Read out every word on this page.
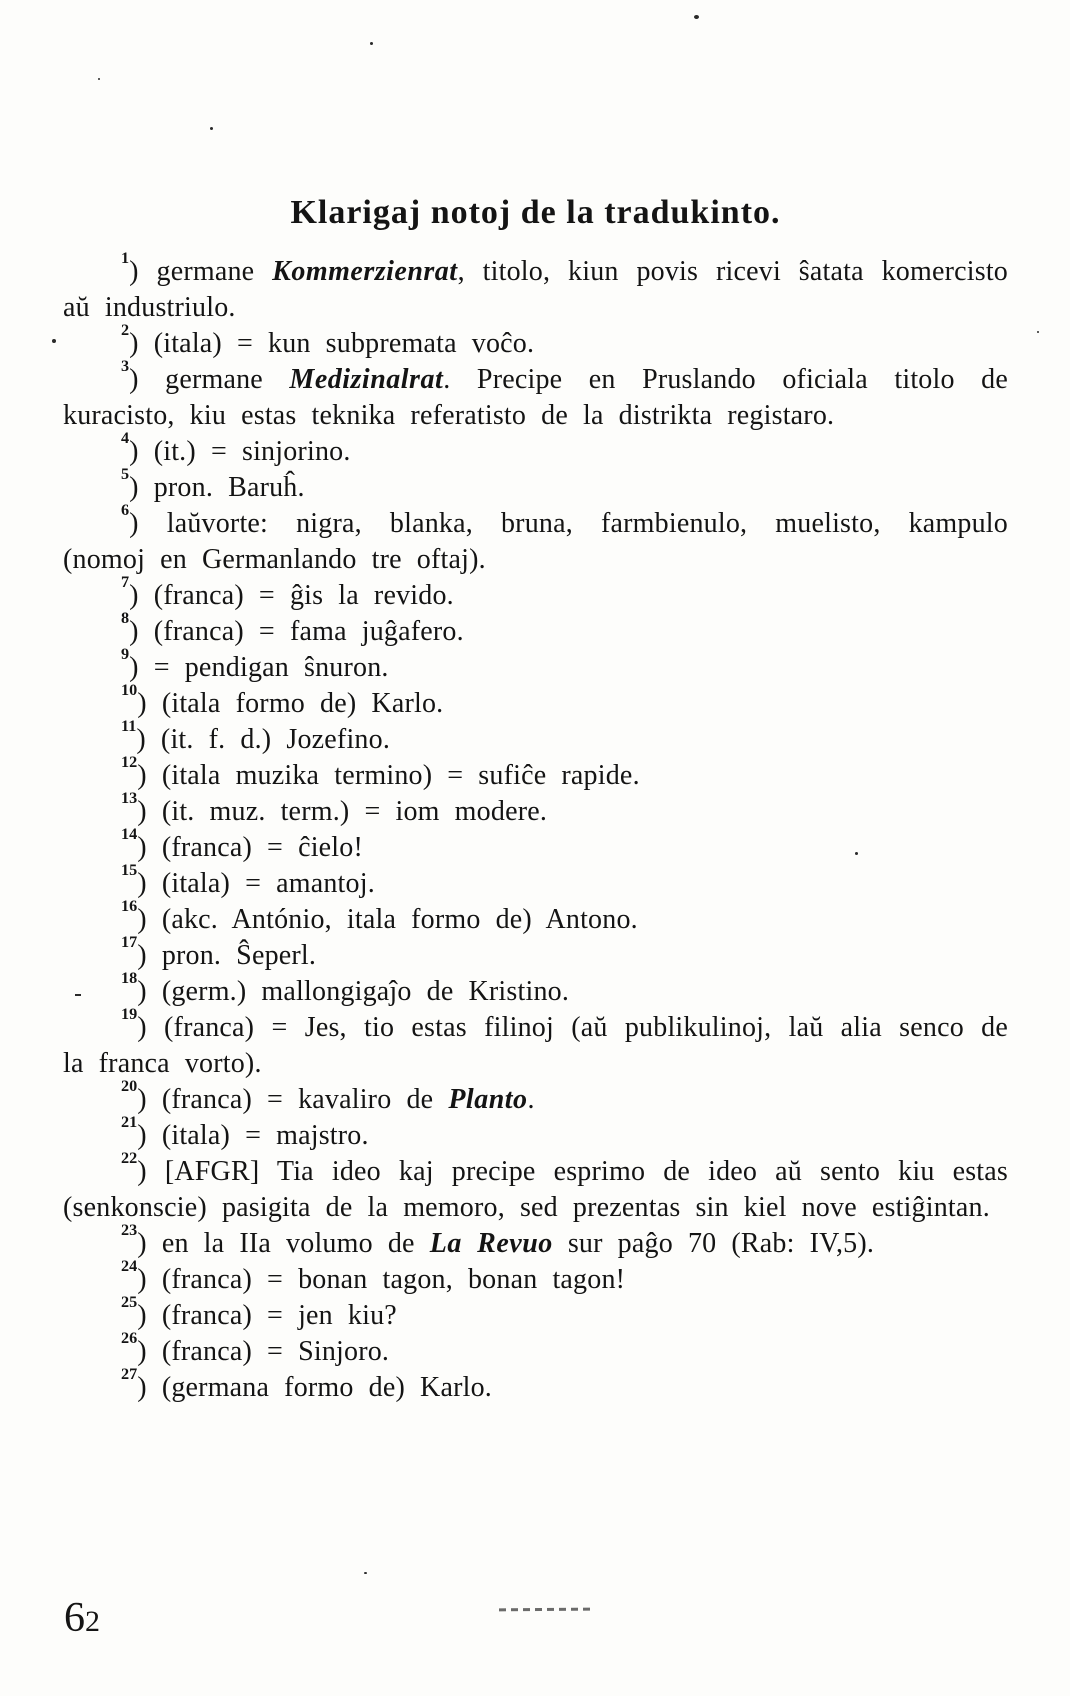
Klarigaj notoj de la tradukinto.

$^1$) germane Kommerzienrat, titolo, kiun povis ricevi ŝatata komercisto aŭ industriulo.

$^2$) (itala) = kun subpremata voĉo.

$^3$) germane Medizinalrat. Precipe en Pruslando oficiala titolo de kuracisto, kiu estas teknika referatisto de la distrikta registaro.

$^4$) (it.) = sinjorino.

$^5$) pron. Baruĥ.

$^6$) laŭvorte: nigra, blanka, bruna, farmbienulo, muelisto, kampulo (nomoj en Germanlando tre oftaj).

$^7$) (franca) = ĝis la revido.

$^8$) (franca) = fama juĝafero.

$^9$) = pendigan ŝnuron.

$^{10}$) (itala formo de) Karlo.

$^{11}$) (it. f. d.) Jozefino.

$^{12}$) (itala muzika termino) = sufiĉe rapide.

$^{13}$) (it. muz. term.) = iom modere.

$^{14}$) (franca) = ĉielo!

$^{15}$) (itala) = amantoj.

$^{16}$) (akc. António, itala formo de) Antono.

$^{17}$) pron. Ŝeperl.

$^{18}$) (germ.) mallongigaĵo de Kristino.

$^{19}$) (franca) = Jes, tio estas filinoj (aŭ publikulinoj, laŭ alia senco de la franca vorto).

$^{20}$) (franca) = kavaliro de Planto.

$^{21}$) (itala) = majstro.

$^{22}$) [AFGR] Tia ideo kaj precipe esprimo de ideo aŭ sento kiu estas (senkonscie) pasigita de la memoro, sed prezentas sin kiel nove estiĝintan.

$^{23}$) en la IIa volumo de La Revuo sur paĝo 70 (Rab: IV,5).

$^{24}$) (franca) = bonan tagon, bonan tagon!

$^{25}$) (franca) = jen kiu?

$^{26}$) (franca) = Sinjoro.

$^{27}$) (germana formo de) Karlo.

62
